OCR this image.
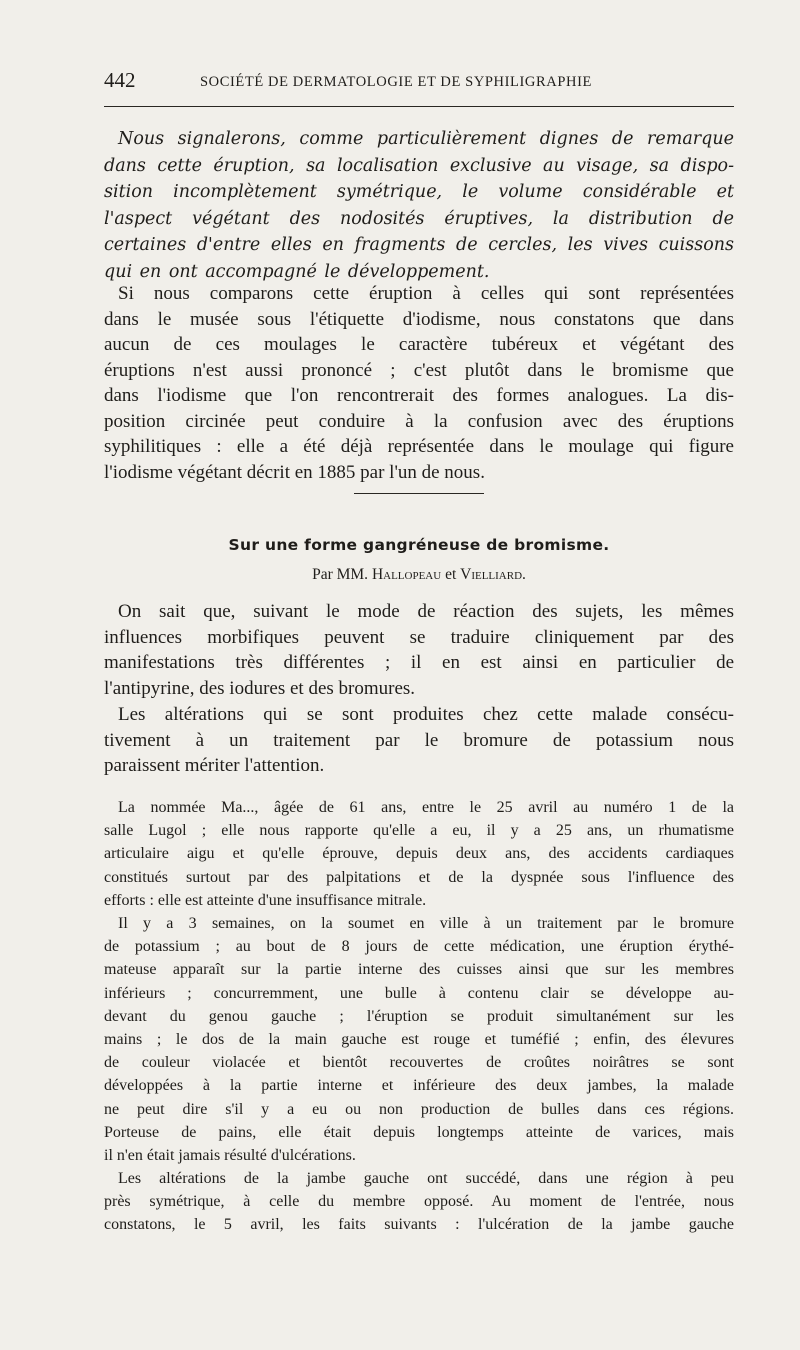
442	SOCIÉTÉ DE DERMATOLOGIE ET DE SYPHILIGRAPHIE

Nous signalerons, comme particulièrement dignes de remarque

dans cette éruption, sa localisation exclusive au visage, sa dispo-

sition incomplètement symétrique, le volume considérable et

l'aspect végétant des nodosités éruptives, la distribution de

certaines d'entre elles en fragments de cercles, les vives cuissons

qui en ont accompagné le développement.

Si nous comparons cette éruption à celles qui sont représentées

dans le musée sous l'étiquette d'iodisme, nous constatons que dans

aucun de ces moulages le caractère tubéreux et végétant des

éruptions n'est aussi prononcé ; c'est plutôt dans le bromisme que

dans l'iodisme que l'on rencontrerait des formes analogues. La dis-

position circinée peut conduire à la confusion avec des éruptions

syphilitiques : elle a été déjà représentée dans le moulage qui figure

l'iodisme végétant décrit en 1885 par l'un de nous.

Sur une forme gangréneuse de bromisme.
Par MM. Hallopeau et Vielliard.

On sait que, suivant le mode de réaction des sujets, les mêmes

influences morbifiques peuvent se traduire cliniquement par des

manifestations très différentes ; il en est ainsi en particulier de

l'antipyrine, des iodures et des bromures.

Les altérations qui se sont produites chez cette malade consécu-

tivement à un traitement par le bromure de potassium nous

paraissent mériter l'attention.

La nommée Ma..., âgée de 61 ans, entre le 25 avril au numéro 1 de la

salle Lugol ; elle nous rapporte qu'elle a eu, il y a 25 ans, un rhumatisme

articulaire aigu et qu'elle éprouve, depuis deux ans, des accidents cardiaques

constitués surtout par des palpitations et de la dyspnée sous l'influence des

efforts : elle est atteinte d'une insuffisance mitrale.

Il y a 3 semaines, on la soumet en ville à un traitement par le bromure

de potassium ; au bout de 8 jours de cette médication, une éruption érythé-

mateuse apparaît sur la partie interne des cuisses ainsi que sur les membres

inférieurs ; concurremment, une bulle à contenu clair se développe au-

devant du genou gauche ; l'éruption se produit simultanément sur les

mains ; le dos de la main gauche est rouge et tuméfié ; enfin, des élevures

de couleur violacée et bientôt recouvertes de croûtes noirâtres se sont

développées à la partie interne et inférieure des deux jambes, la malade

ne peut dire s'il y a eu ou non production de bulles dans ces régions.

Porteuse de pains, elle était depuis longtemps atteinte de varices, mais

il n'en était jamais résulté d'ulcérations.

Les altérations de la jambe gauche ont succédé, dans une région à peu

près symétrique, à celle du membre opposé. Au moment de l'entrée, nous

constatons, le 5 avril, les faits suivants : l'ulcération de la jambe gauche
